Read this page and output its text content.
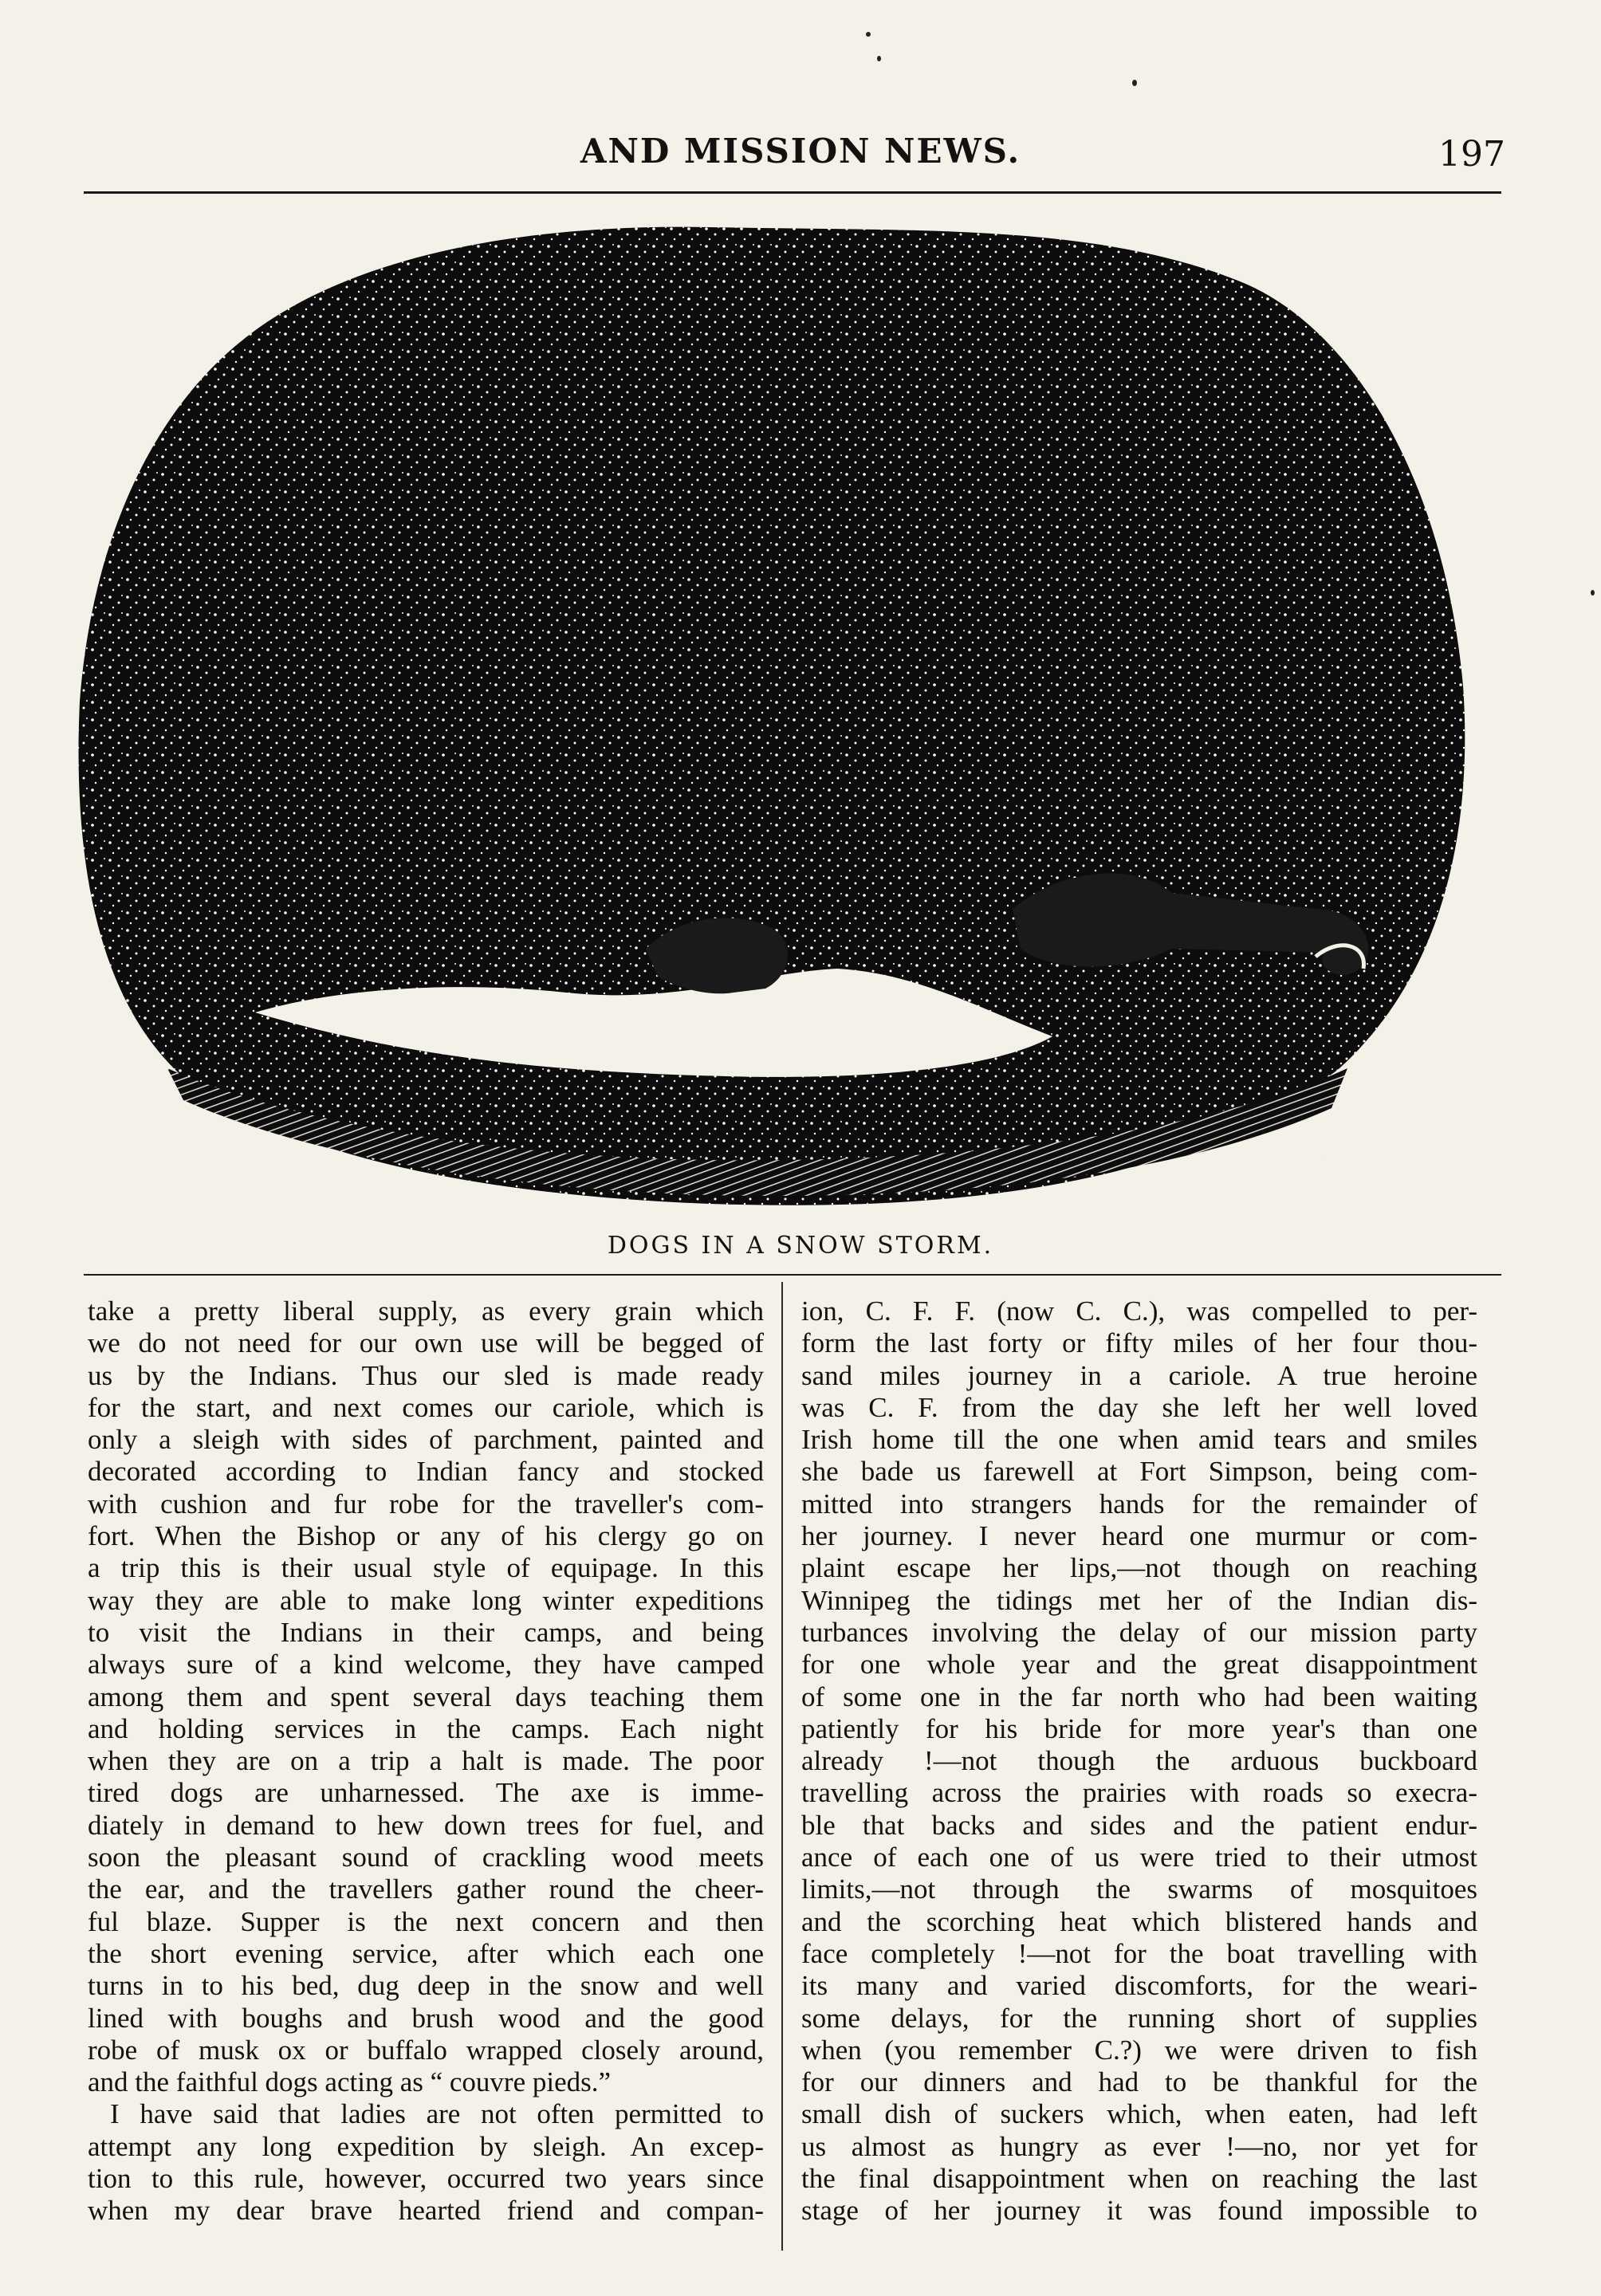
AND MISSION NEWS.	197
DICKES
DOGS IN A SNOW STORM.
take a pretty liberal supply, as every grain which
we do not need for our own use will be begged of
us by the Indians. Thus our sled is made ready
for the start, and next comes our cariole, which is
only a sleigh with sides of parchment, painted and
decorated according to Indian fancy and stocked
with cushion and fur robe for the traveller's com-
fort. When the Bishop or any of his clergy go on
a trip this is their usual style of equipage. In this
way they are able to make long winter expeditions
to visit the Indians in their camps, and being
always sure of a kind welcome, they have camped
among them and spent several days teaching them
and holding services in the camps. Each night
when they are on a trip a halt is made. The poor
tired dogs are unharnessed. The axe is imme-
diately in demand to hew down trees for fuel, and
soon the pleasant sound of crackling wood meets
the ear, and the travellers gather round the cheer-
ful blaze. Supper is the next concern and then
the short evening service, after which each one
turns in to his bed, dug deep in the snow and well
lined with boughs and brush wood and the good
robe of musk ox or buffalo wrapped closely around,
and the faithful dogs acting as “ couvre pieds.”
I have said that ladies are not often permitted to
attempt any long expedition by sleigh. An excep-
tion to this rule, however, occurred two years since
when my dear brave hearted friend and compan-
ion, C. F. F. (now C. C.), was compelled to per-
form the last forty or fifty miles of her four thou-
sand miles journey in a cariole. A true heroine
was C. F. from the day she left her well loved
Irish home till the one when amid tears and smiles
she bade us farewell at Fort Simpson, being com-
mitted into strangers hands for the remainder of
her journey. I never heard one murmur or com-
plaint escape her lips,—not though on reaching
Winnipeg the tidings met her of the Indian dis-
turbances involving the delay of our mission party
for one whole year and the great disappointment
of some one in the far north who had been waiting
patiently for his bride for more year's than one
already !—not though the arduous buckboard
travelling across the prairies with roads so execra-
ble that backs and sides and the patient endur-
ance of each one of us were tried to their utmost
limits,—not through the swarms of mosquitoes
and the scorching heat which blistered hands and
face completely !—not for the boat travelling with
its many and varied discomforts, for the weari-
some delays, for the running short of supplies
when (you remember C.?) we were driven to fish
for our dinners and had to be thankful for the
small dish of suckers which, when eaten, had left
us almost as hungry as ever !—no, nor yet for
the final disappointment when on reaching the last
stage of her journey it was found impossible to
